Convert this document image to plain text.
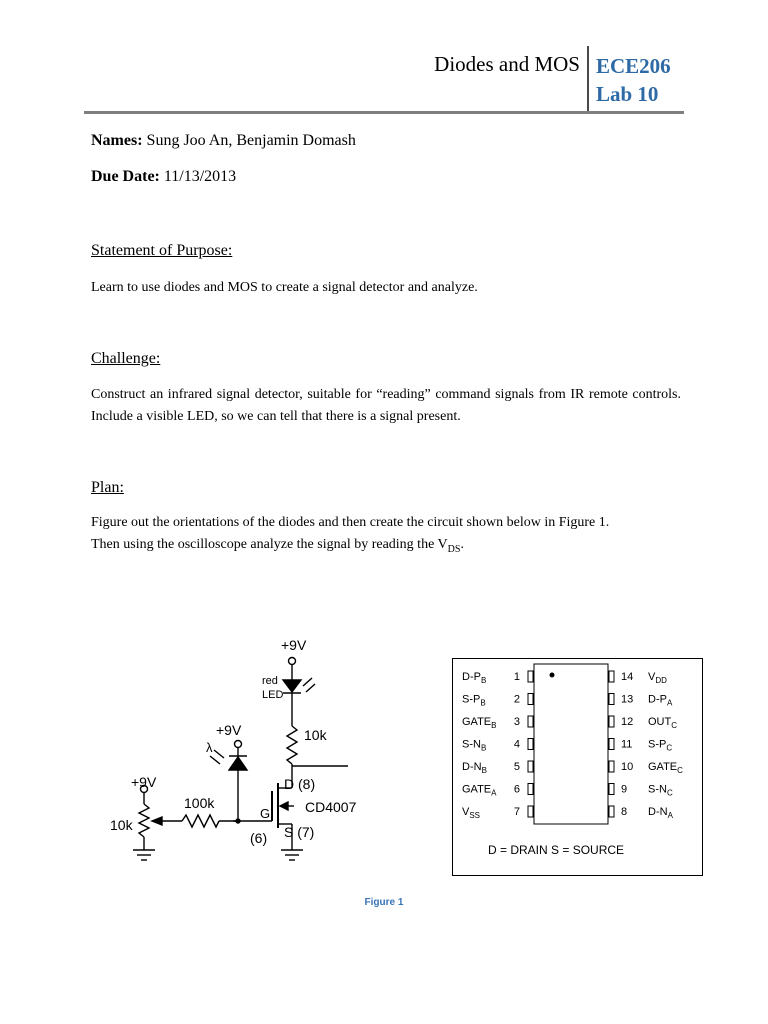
Diodes and MOS ECE206
Lab 10
Names: Sung Joo An, Benjamin Domash
Due Date: 11/13/2013
Statement of Purpose:
Learn to use diodes and MOS to create a signal detector and analyze.
Challenge:
Construct an infrared signal detector, suitable for “reading” command signals from IR remote controls. Include a visible LED, so we can tell that there is a signal present.
Plan:
Figure out the orientations of the diodes and then create the circuit shown below in Figure 1.
Then using the oscilloscope analyze the signal by reading the $V_{DS}$.
+9V
red
LED
10k
+9V
+9V
100k
10k
D (8)
G CD4007
S (7)
(6)
λ
$D-P_B$	1
$S-P_B$	2
$GATE_B$ 3
$S-N_B$	4
$D-N_B$ 5
$GATE_A$ 6
$V_{SS}$	7
14 $V_{DD}$
13 $D-P_A$
12 $OUT_C$
11 $S-P_C$
10 $GATE_C$
9 $S-N_C$
8 $D-N_A$
D = DRAIN S = SOURCE
Figure 1
